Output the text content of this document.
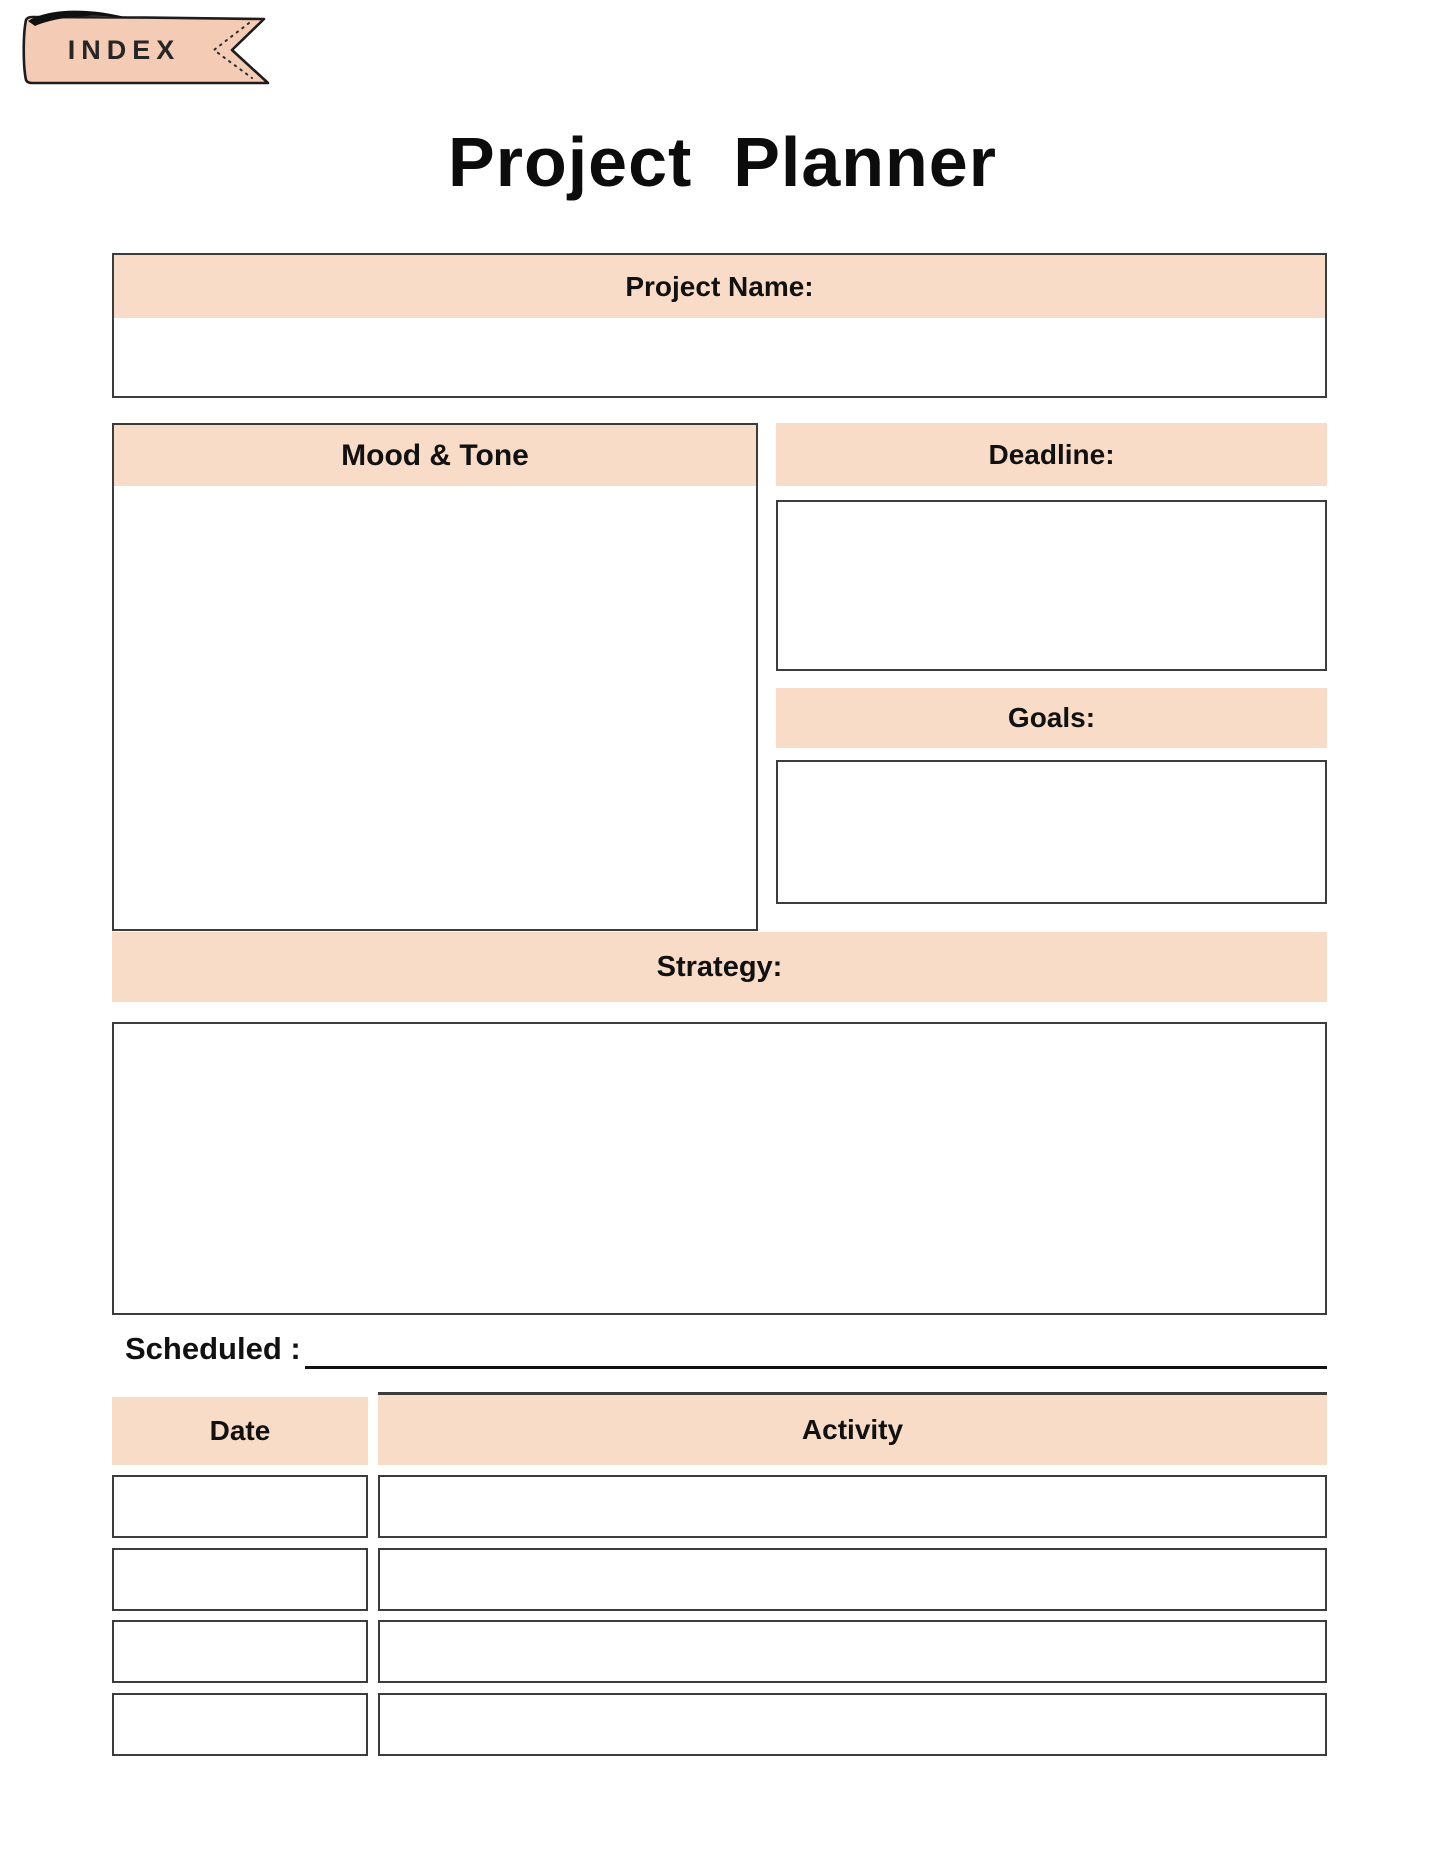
INDEX
Project  Planner
Project Name:
Mood & Tone	Deadline:
Goals:
Strategy:
Scheduled :
Date	Activity
